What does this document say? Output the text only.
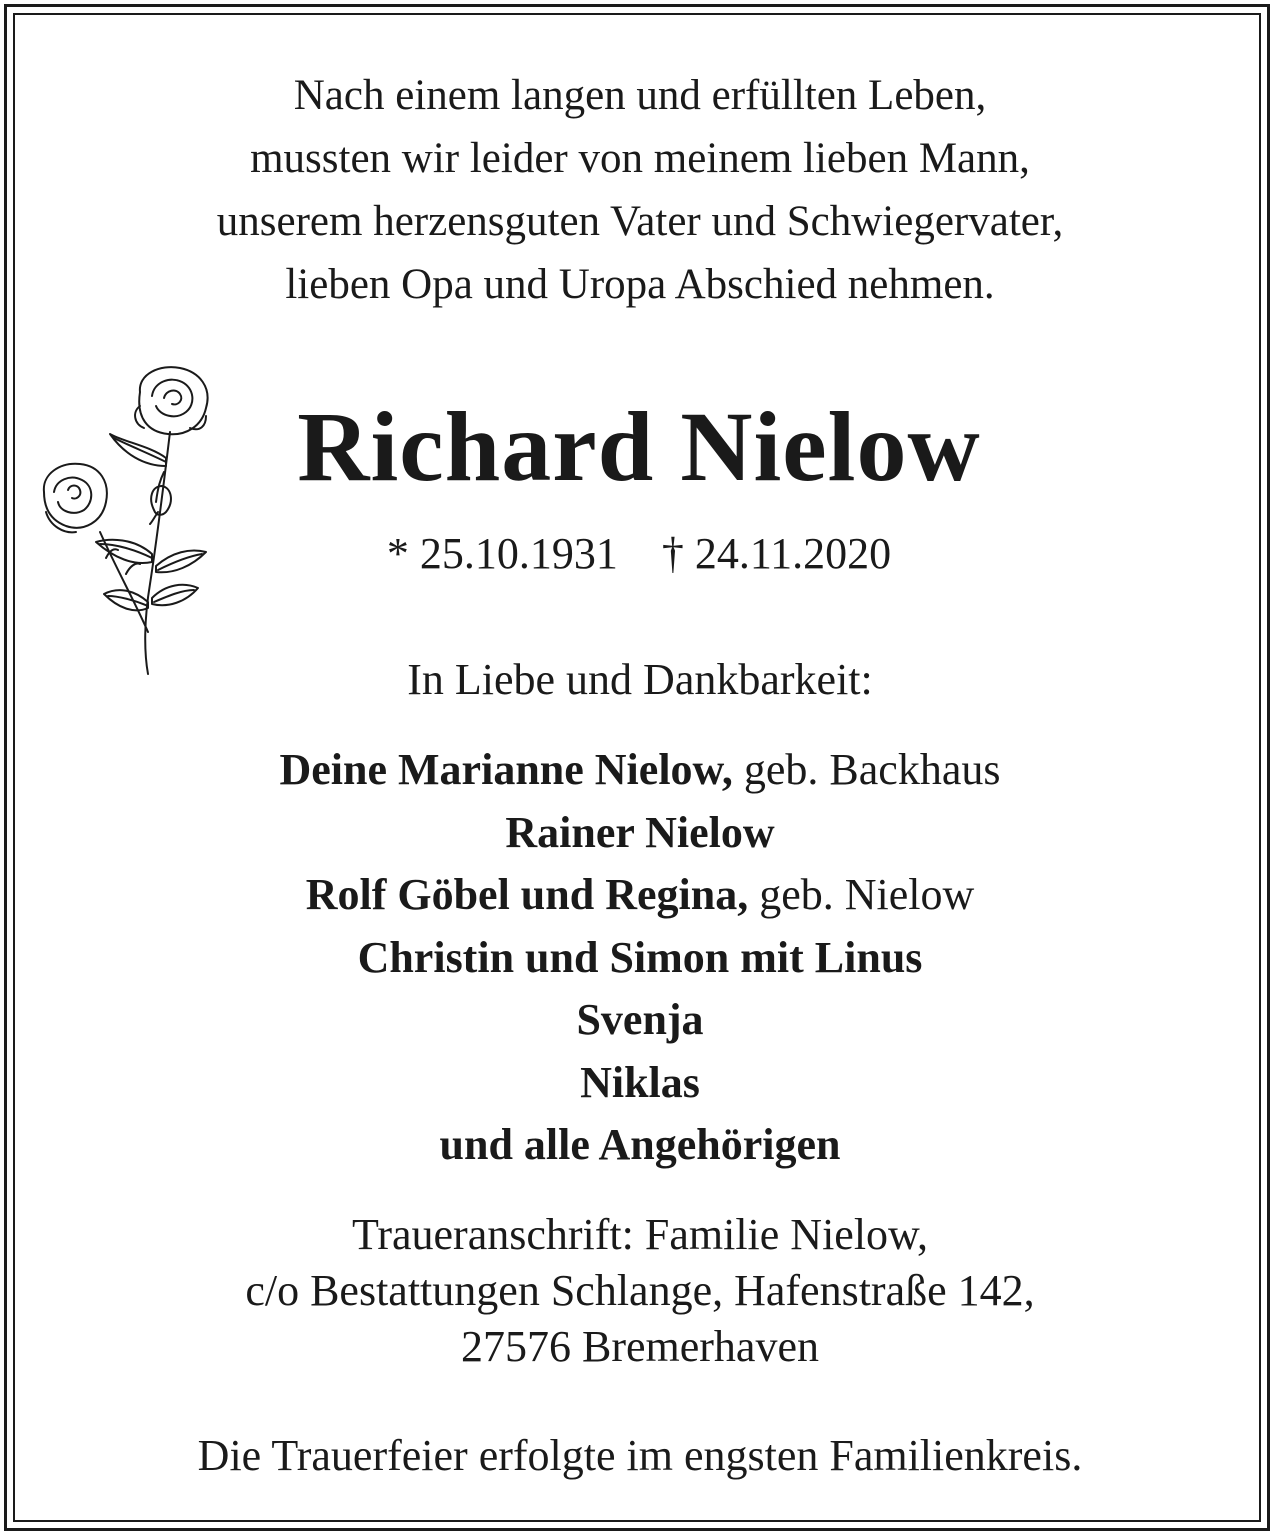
Nach einem langen und erfüllten Leben,
mussten wir leider von meinem lieben Mann,
unserem herzensguten Vater und Schwiegervater,
lieben Opa und Uropa Abschied nehmen.
Richard Nielow
* 25.10.1931 † 24.11.2020
In Liebe und Dankbarkeit:
Deine Marianne Nielow, geb. Backhaus
Rainer Nielow
Rolf Göbel und Regina, geb. Nielow
Christin und Simon mit Linus
Svenja
Niklas
und alle Angehörigen
Traueranschrift: Familie Nielow,
c/o Bestattungen Schlange, Hafenstraße 142,
27576 Bremerhaven
Die Trauerfeier erfolgte im engsten Familienkreis.
